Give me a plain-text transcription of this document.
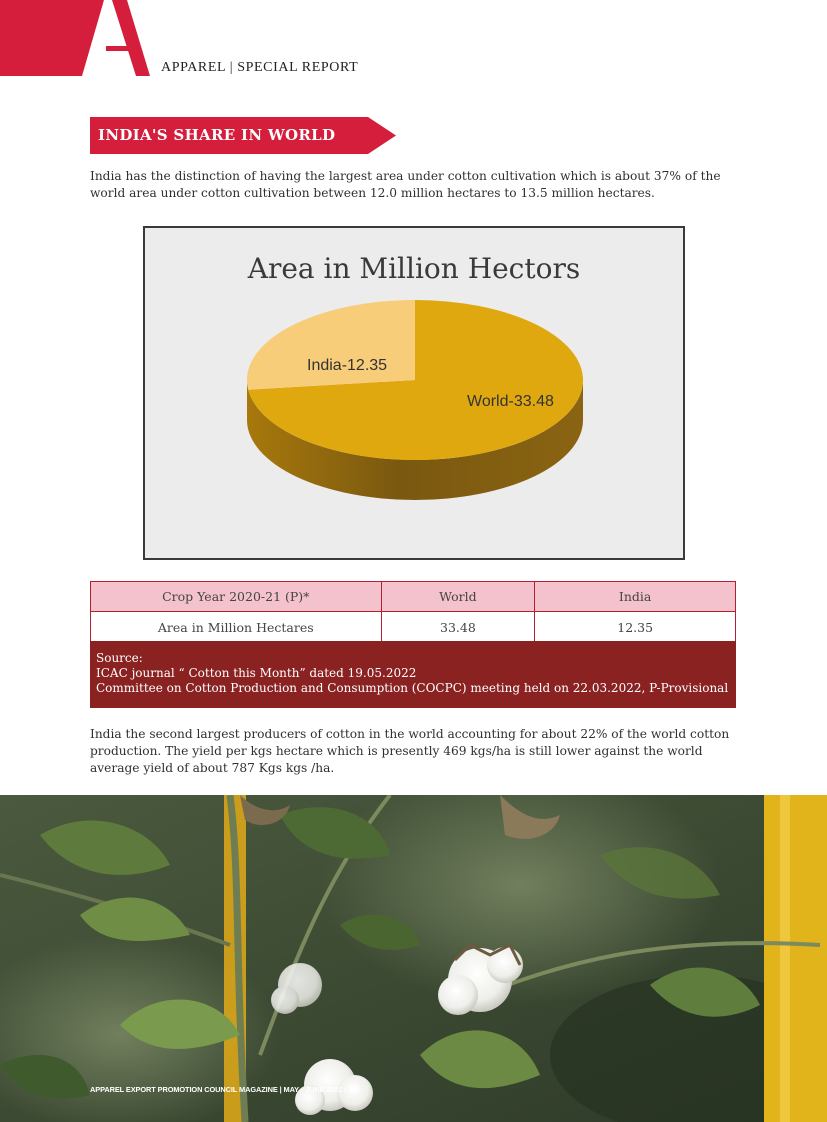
APPAREL | SPECIAL REPORT
INDIA'S SHARE IN WORLD

India has the distinction of having the largest area under cotton cultivation which is about 37% of the

world area under cotton cultivation between 12.0 million hectares to 13.5 million hectares.

Area in Million Hectors
India-12.35
World-33.48
Crop Year 2020-21 (P)*	World	India
Area in Million Hectares	33.48	12.35
Source:
ICAC journal “ Cotton this Month” dated 19.05.2022
Committee on Cotton Production and Consumption (COCPC) meeting held on 22.03.2022, P-Provisional

India the second largest producers of cotton in the world accounting for about 22% of the world cotton

production. The yield per kgs hectare which is presently 469 kgs/ha is still lower against the world

average yield of about 787 Kgs kgs /ha.

APPAREL EXPORT PROMOTION COUNCIL MAGAZINE | MAY - JUNE 2022 / 10
